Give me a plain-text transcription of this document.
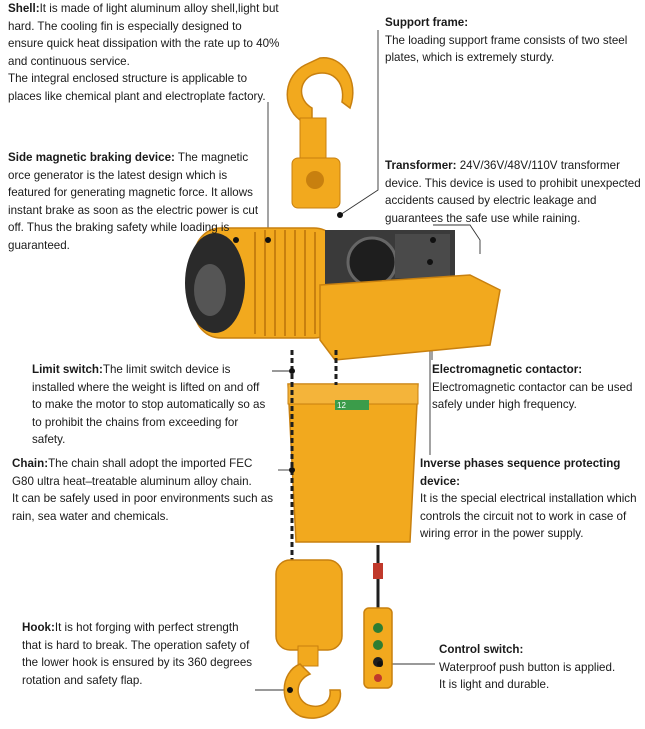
12
Shell:It is made of light aluminum alloy shell,light but hard. The cooling fin is especially designed to ensure quick heat dissipation with the rate up to 40% and continuous service.
The integral enclosed structure is applicable to places like chemical plant and electroplate factory.
Support frame:
The loading support frame consists of two steel plates, which is extremely sturdy.
Side magnetic braking device: The magnetic orce generator is the latest design which is featured for generating magnetic force. It allows instant brake as soon as the electric power is cut off. Thus the braking safety while loading is guaranteed.
Transformer: 24V/36V/48V/110V transformer device. This device is used to prohibit unexpected accidents caused by electric leakage and guarantees the safe use while raining.
Limit switch:The limit switch device is installed where the weight is lifted on and off to make the motor to stop automatically so as to prohibit the chains from exceeding for safety.
Electromagnetic contactor:
Electromagnetic contactor can be used safely under high frequency.
Chain:The chain shall adopt the imported FEC G80 ultra heat–treatable aluminum alloy chain.
It can be safely used in poor environments such as rain, sea water and chemicals.
Inverse phases sequence protecting device:
It is the special electrical installation which controls the circuit not to work in case of wiring error in the power supply.
Hook:It is hot forging with perfect strength that is hard to break. The operation safety of the lower hook is ensured by its 360 degrees rotation and safety flap.
Control switch:
Waterproof push button is applied.
It is light and durable.
